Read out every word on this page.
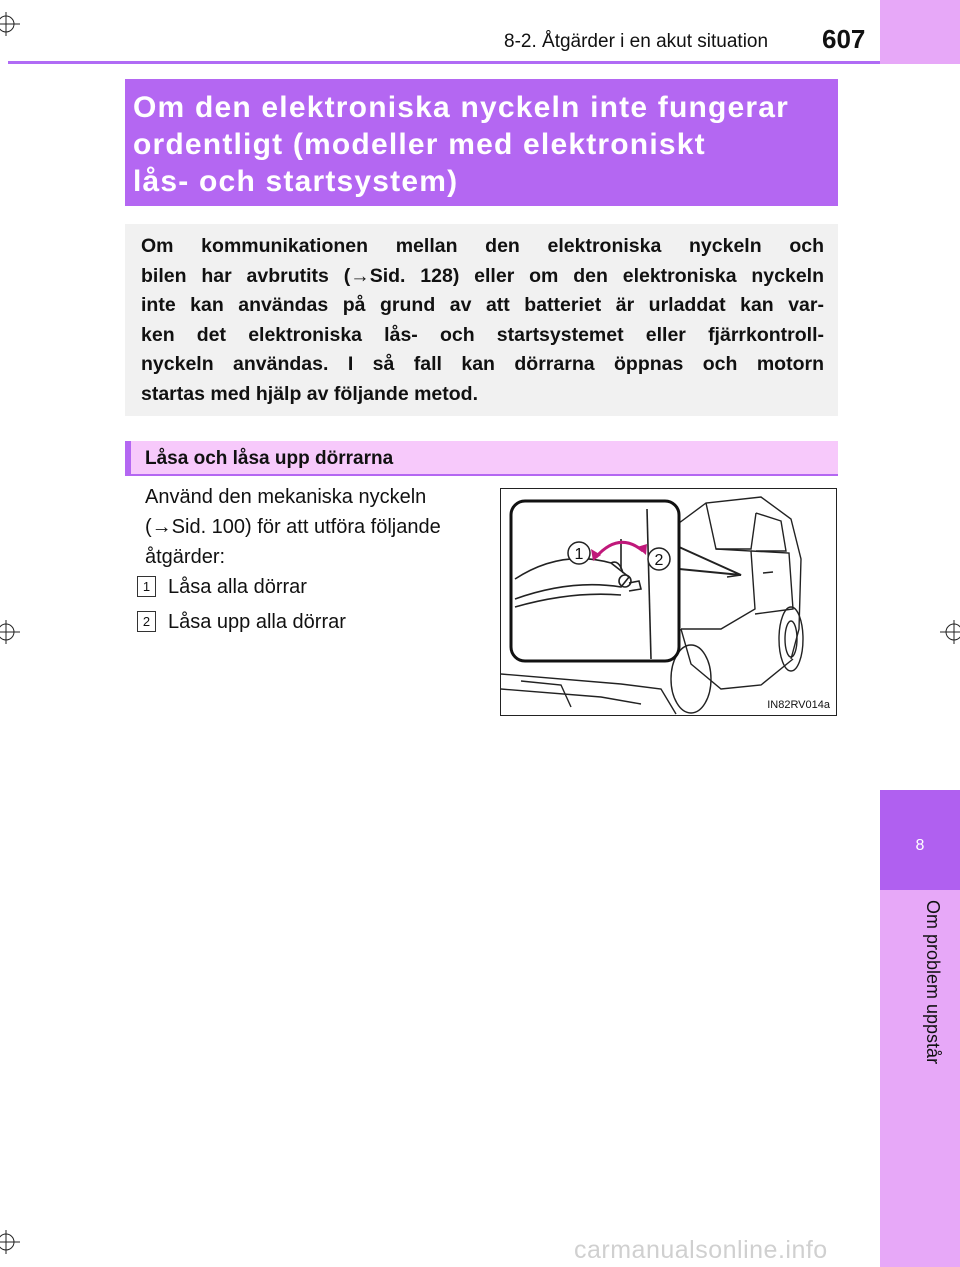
8
Om problem uppstår
8-2. Åtgärder i en akut situation 607
Om den elektroniska nyckeln inte fungerar
ordentligt (modeller med elektroniskt
lås- och startsystem)
Om kommunikationen mellan den elektroniska nyckeln och
bilen har avbrutits (→Sid. 128) eller om den elektroniska nyckeln
inte kan användas på grund av att batteriet är urladdat kan var-
ken det elektroniska lås- och startsystemet eller fjärrkontroll-
nyckeln användas. I så fall kan dörrarna öppnas och motorn
startas med hjälp av följande metod.
Låsa och låsa upp dörrarna
Använd den mekaniska nyckeln
(→Sid. 100) för att utföra följande
åtgärder:
1 Låsa alla dörrar
2 Låsa upp alla dörrar
1	2
IN82RV014a
carmanualsonline.info
